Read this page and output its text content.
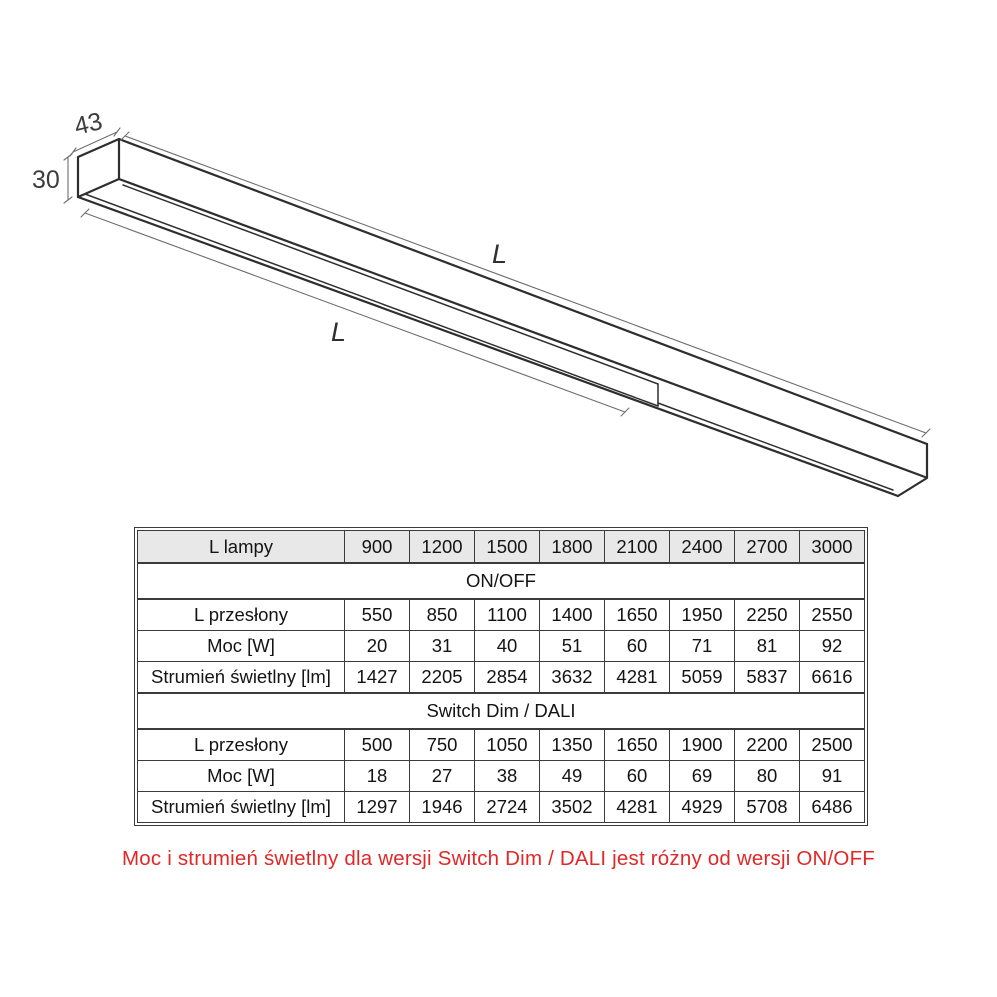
43
30
L
L
L lampy	900	1200	1500	1800	2100	2400	2700	3000
ON/OFF								
L przesłony	550	850	1100	1400	1650	1950	2250	2550
Moc [W]	20	31	40	51	60	71	81	92
Strumień świetlny [lm]	1427	2205	2854	3632	4281	5059	5837	6616
Switch Dim / DALI								
L przesłony	500	750	1050	1350	1650	1900	2200	2500
Moc [W]	18	27	38	49	60	69	80	91
Strumień świetlny [lm]	1297	1946	2724	3502	4281	4929	5708	6486
Moc i strumień świetlny dla wersji Switch Dim / DALI jest różny od wersji ON/OFF
